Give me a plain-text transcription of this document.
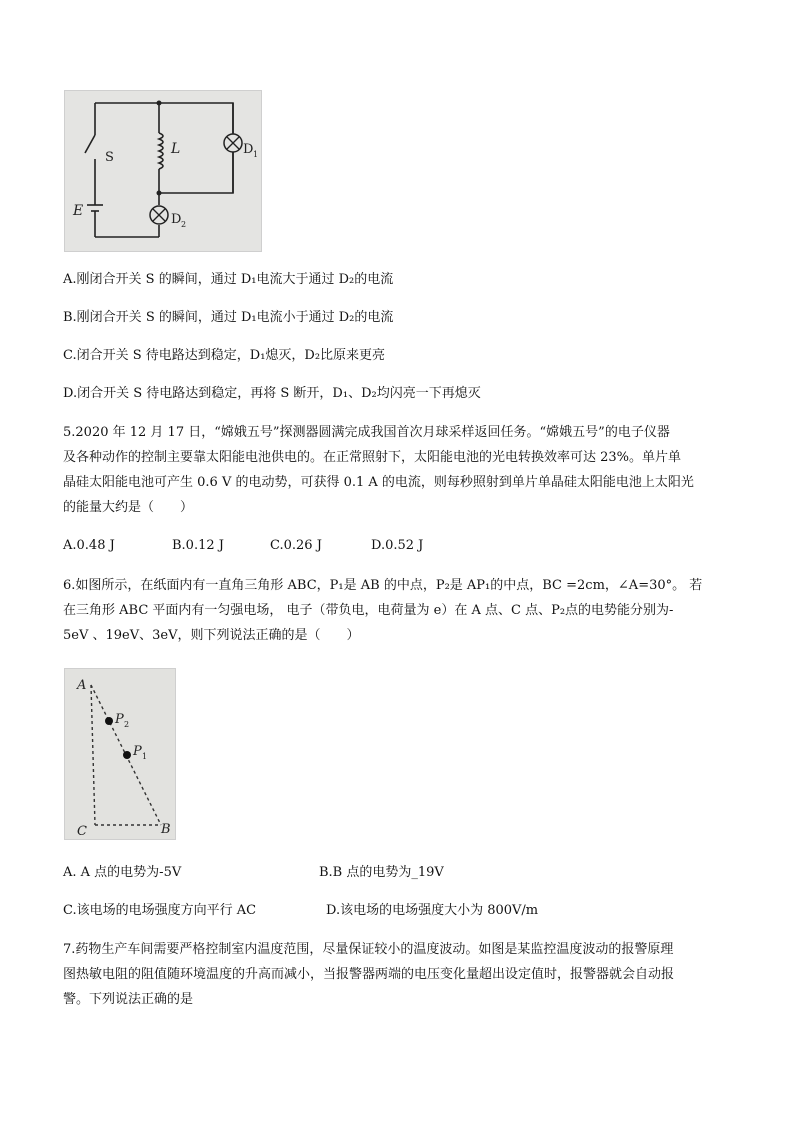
S
L	D 1
E
D 2
A.刚闭合开关 S 的瞬间，通过 D₁电流大于通过 D₂的电流
B.刚闭合开关 S 的瞬间，通过 D₁电流小于通过 D₂的电流
C.闭合开关 S 待电路达到稳定，D₁熄灭，D₂比原来更亮
D.闭合开关 S 待电路达到稳定，再将 S 断开，D₁、D₂均闪亮一下再熄灭
5.2020 年 12 月 17 日，“嫦娥五号”探测器圆满完成我国首次月球采样返回任务。“嫦娥五号”的电子仪器
及各种动作的控制主要靠太阳能电池供电的。在正常照射下，太阳能电池的光电转换效率可达 23%。单片单
晶硅太阳能电池可产生 0.6 V 的电动势，可获得 0.1 A 的电流，则每秒照射到单片单晶硅太阳能电池上太阳光
的能量大约是（　　）
A.0.48 J	B.0.12 J	C.0.26 J	D.0.52 J
6.如图所示，在纸面内有一直角三角形 ABC，P₁是 AB 的中点，P₂是 AP₁的中点，BC =2cm，∠A=30°。 若
在三角形 ABC 平面内有一匀强电场， 电子（带负电，电荷量为 e）在 A 点、C 点、P₂点的电势能分别为-
5eV 、19eV、3eV，则下列说法正确的是（　　）
A
P 2
P 1
C	B
A. A 点的电势为-5V	B.B 点的电势为_19V
C.该电场的电场强度方向平行 AC	D.该电场的电场强度大小为 800V/m
7.药物生产车间需要严格控制室内温度范围，尽量保证较小的温度波动。如图是某监控温度波动的报警原理
图热敏电阻的阻值随环境温度的升高而减小，当报警器两端的电压变化量超出设定值时，报警器就会自动报
警。下列说法正确的是
